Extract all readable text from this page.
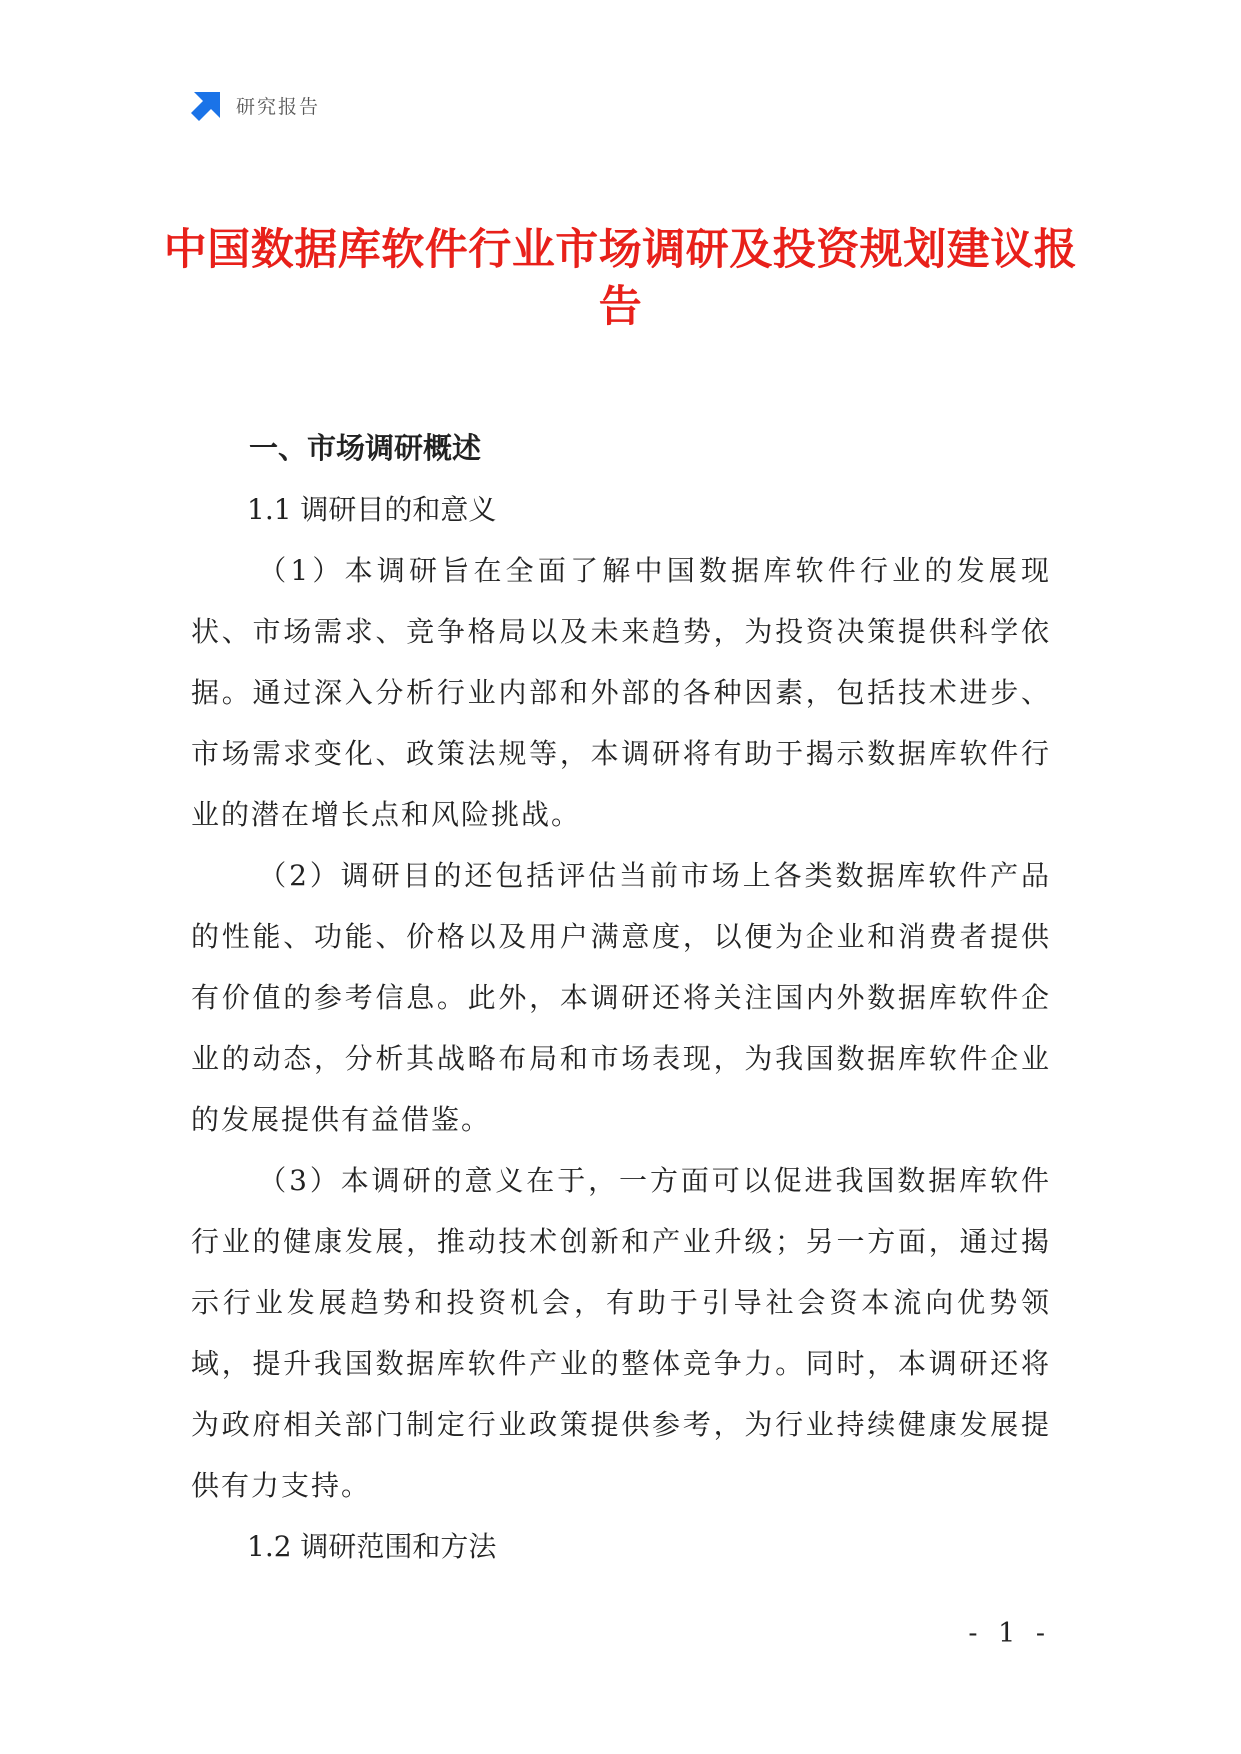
研究报告
中国数据库软件行业市场调研及投资规划建议报告

一、市场调研概述

1.1 调研目的和意义

（1）本调研旨在全面了解中国数据库软件行业的发展现状、市场需求、竞争格局以及未来趋势，为投资决策提供科学依据。通过深入分析行业内部和外部的各种因素，包括技术进步、市场需求变化、政策法规等，本调研将有助于揭示数据库软件行业的潜在增长点和风险挑战。

（2）调研目的还包括评估当前市场上各类数据库软件产品的性能、功能、价格以及用户满意度，以便为企业和消费者提供有价值的参考信息。此外，本调研还将关注国内外数据库软件企业的动态，分析其战略布局和市场表现，为我国数据库软件企业的发展提供有益借鉴。

（3）本调研的意义在于，一方面可以促进我国数据库软件行业的健康发展，推动技术创新和产业升级；另一方面，通过揭示行业发展趋势和投资机会，有助于引导社会资本流向优势领域，提升我国数据库软件产业的整体竞争力。同时，本调研还将为政府相关部门制定行业政策提供参考，为行业持续健康发展提供有力支持。

1.2 调研范围和方法

- 1 -
